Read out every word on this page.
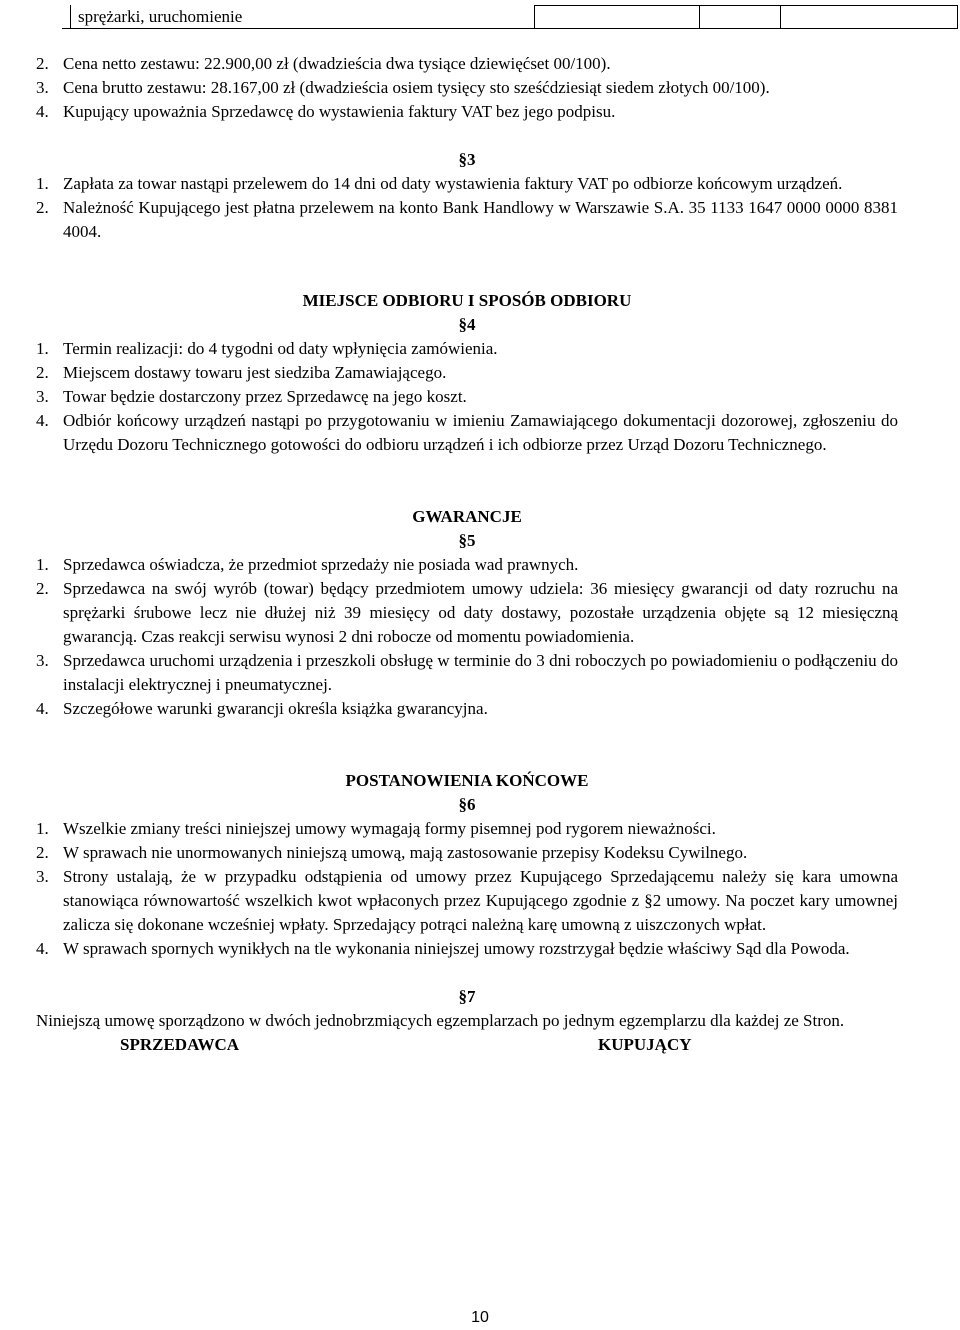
sprężarki, uruchomienie
2. Cena netto zestawu: 22.900,00 zł (dwadzieścia dwa tysiące dziewięćset 00/100).
3. Cena brutto zestawu: 28.167,00 zł (dwadzieścia osiem tysięcy sto sześćdziesiąt siedem złotych 00/100).
4. Kupujący upoważnia Sprzedawcę do wystawienia faktury VAT bez jego podpisu.
§3
1. Zapłata za towar nastąpi przelewem do 14 dni od daty wystawienia faktury VAT po odbiorze końcowym urządzeń.
2. Należność Kupującego jest płatna przelewem na konto Bank Handlowy w Warszawie S.A. 35 1133 1647 0000 0000 8381 4004.
MIEJSCE ODBIORU I SPOSÓB ODBIORU
§4
1. Termin realizacji: do 4 tygodni od daty wpłynięcia zamówienia.
2. Miejscem dostawy towaru jest siedziba Zamawiającego.
3. Towar będzie dostarczony przez Sprzedawcę na jego koszt.
4. Odbiór końcowy urządzeń nastąpi po przygotowaniu w imieniu Zamawiającego dokumentacji dozorowej, zgłoszeniu do Urzędu Dozoru Technicznego gotowości do odbioru urządzeń i ich odbiorze przez Urząd Dozoru Technicznego.
GWARANCJE
§5
1. Sprzedawca oświadcza, że przedmiot sprzedaży nie posiada wad prawnych.
2. Sprzedawca na swój wyrób (towar) będący przedmiotem umowy udziela: 36 miesięcy gwarancji od daty rozruchu na sprężarki śrubowe lecz nie dłużej niż 39 miesięcy od daty dostawy, pozostałe urządzenia objęte są 12 miesięczną gwarancją. Czas reakcji serwisu wynosi 2 dni robocze od momentu powiadomienia.
3. Sprzedawca uruchomi urządzenia i przeszkoli obsługę w terminie do 3 dni roboczych po powiadomieniu o podłączeniu do instalacji elektrycznej i pneumatycznej.
4. Szczegółowe warunki gwarancji określa książka gwarancyjna.
POSTANOWIENIA KOŃCOWE
§6
1. Wszelkie zmiany treści niniejszej umowy wymagają formy pisemnej pod rygorem nieważności.
2. W sprawach nie unormowanych niniejszą umową, mają zastosowanie przepisy Kodeksu Cywilnego.
3. Strony ustalają, że w przypadku odstąpienia od umowy przez Kupującego Sprzedającemu należy się kara umowna stanowiąca równowartość wszelkich kwot wpłaconych przez Kupującego zgodnie z §2 umowy. Na poczet kary umownej zalicza się dokonane wcześniej wpłaty. Sprzedający potrąci należną karę umowną z uiszczonych wpłat.
4. W sprawach spornych wynikłych na tle wykonania niniejszej umowy rozstrzygał będzie właściwy Sąd dla Powoda.
§7
Niniejszą umowę sporządzono w dwóch jednobrzmiących egzemplarzach po jednym egzemplarzu dla każdej ze Stron.
SPRZEDAWCA	KUPUJĄCY
10
